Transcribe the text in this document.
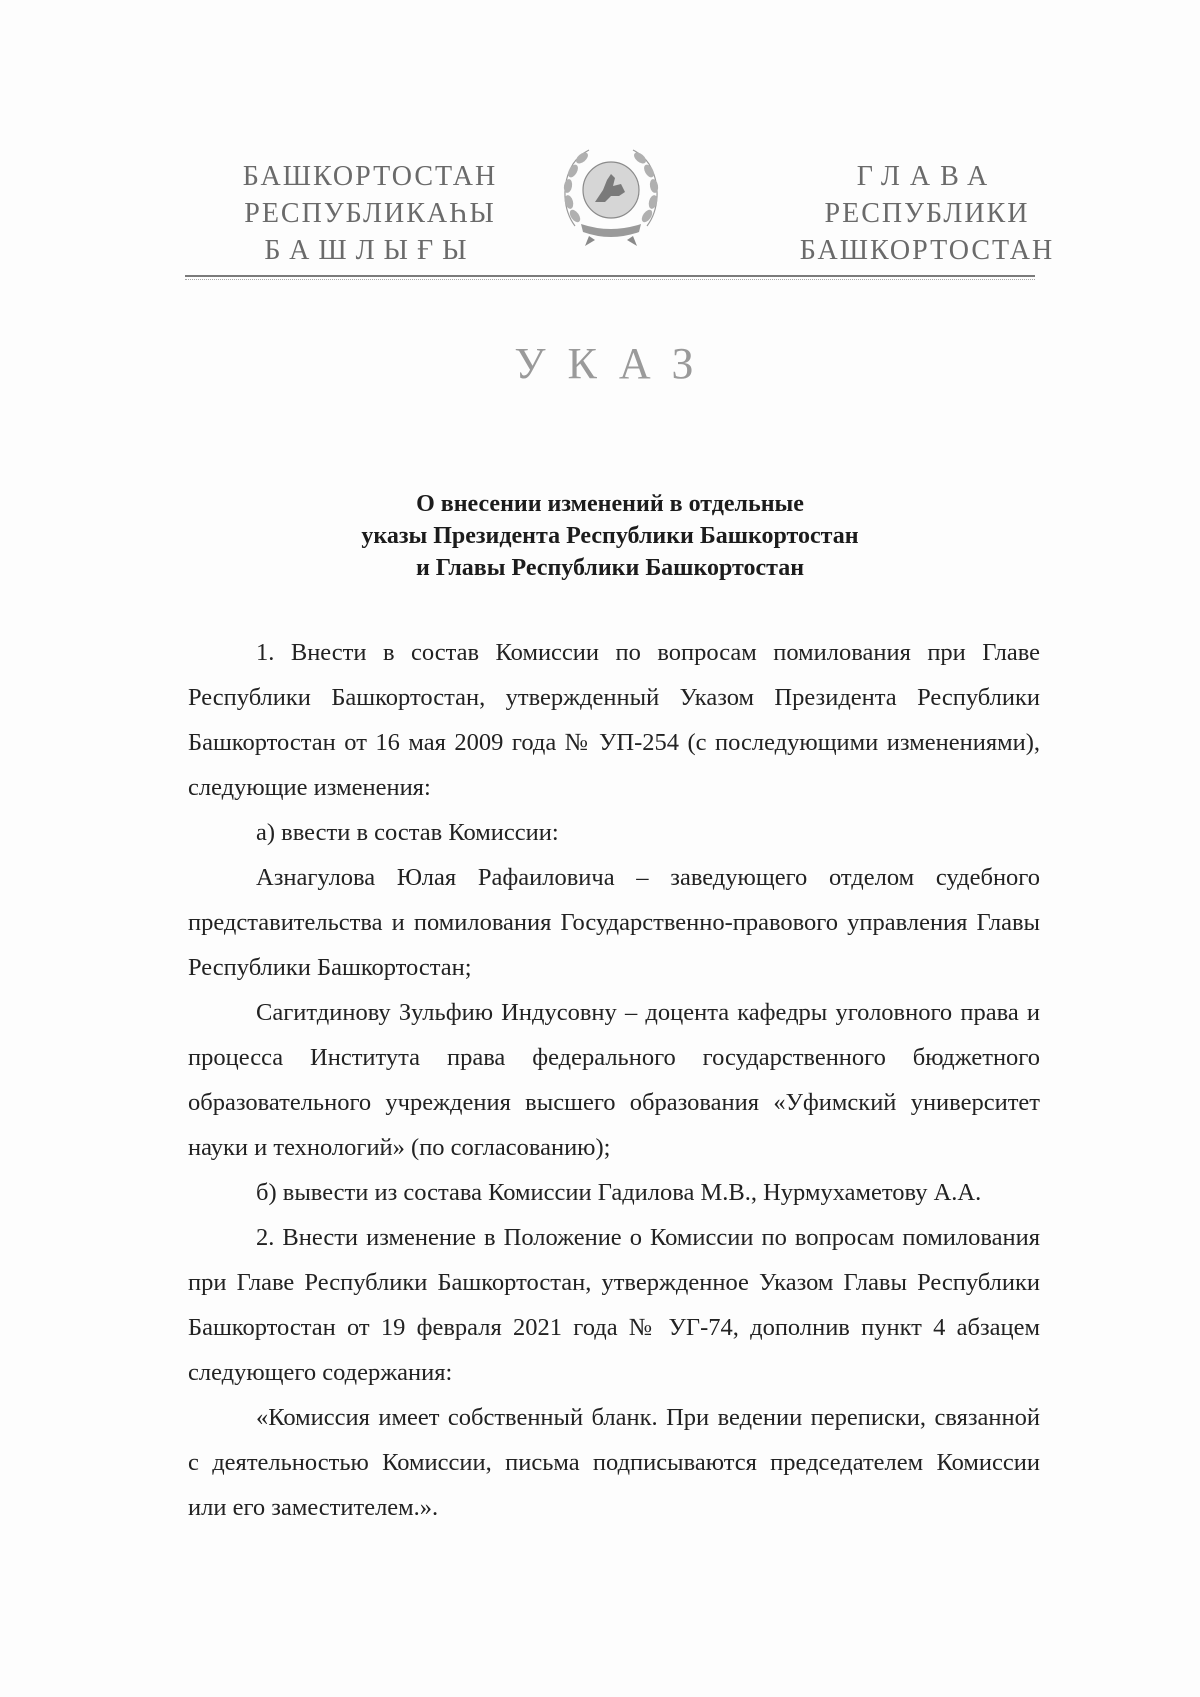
БАШКОРТОСТАН
РЕСПУБЛИКАҺЫ
БАШЛЫҒЫ
ГЛАВА
РЕСПУБЛИКИ
БАШКОРТОСТАН
УКАЗ
О внесении изменений в отдельные
указы Президента Республики Башкортостан
и Главы Республики Башкортостан

1. Внести в состав Комиссии по вопросам помилования при Главе Республики Башкортостан, утвержденный Указом Президента Республики Башкортостан от 16 мая 2009 года № УП-254 (с последующими изменениями), следующие изменения:

а) ввести в состав Комиссии:

Азнагулова Юлая Рафаиловича – заведующего отделом судебного представительства и помилования Государственно-правового управления Главы Республики Башкортостан;

Сагитдинову Зульфию Индусовну – доцента кафедры уголовного права и процесса Института права федерального государственного бюджетного образовательного учреждения высшего образования «Уфимский университет науки и технологий» (по согласованию);

б) вывести из состава Комиссии Гадилова М.В., Нурмухаметову А.А.

2. Внести изменение в Положение о Комиссии по вопросам помилования при Главе Республики Башкортостан, утвержденное Указом Главы Республики Башкортостан от 19 февраля 2021 года № УГ-74, дополнив пункт 4 абзацем следующего содержания:

«Комиссия имеет собственный бланк. При ведении переписки, связанной с деятельностью Комиссии, письма подписываются председателем Комиссии или его заместителем.».
